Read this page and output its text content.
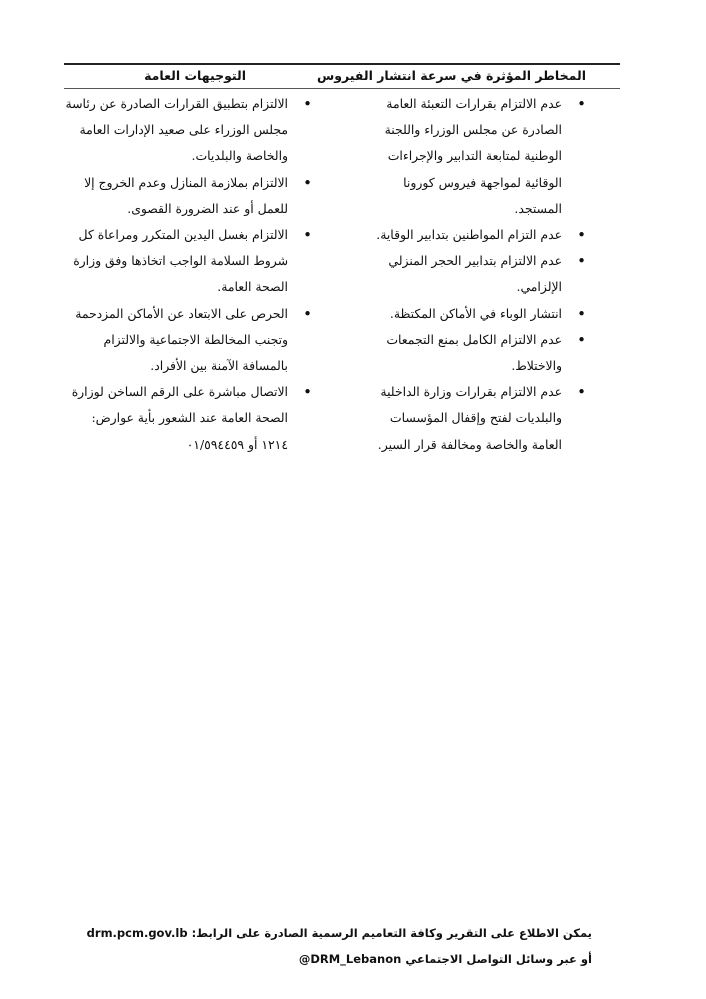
المخاطر المؤثرة في سرعة انتشار الفيروس
التوجيهات العامة
• عدم الالتزام بقرارات التعبئة العامة الصادرة عن مجلس الوزراء واللجنة الوطنية لمتابعة التدابير والإجراءات الوقائية لمواجهة فيروس كورونا المستجد.
• عدم التزام المواطنين بتدابير الوقاية.
• عدم الالتزام بتدابير الحجر المنزلي الإلزامي.
• انتشار الوباء في الأماكن المكتظة.
• عدم الالتزام الكامل بمنع التجمعات والاختلاط.
• عدم الالتزام بقرارات وزارة الداخلية والبلديات لفتح وإقفال المؤسسات العامة والخاصة ومخالفة قرار السير.
• الالتزام بتطبيق القرارات الصادرة عن رئاسة مجلس الوزراء على صعيد الإدارات العامة والخاصة والبلديات.
• الالتزام بملازمة المنازل وعدم الخروج إلا للعمل أو عند الضرورة القصوى.
• الالتزام بغسل اليدين المتكرر ومراعاة كل شروط السلامة الواجب اتخاذها وفق وزارة الصحة العامة.
• الحرص على الابتعاد عن الأماكن المزدحمة وتجنب المخالطة الاجتماعية والالتزام بالمسافة الآمنة بين الأفراد.
• الاتصال مباشرة على الرقم الساخن لوزارة الصحة العامة عند الشعور بأية عوارض: ١٢١٤ أو ٠١/٥٩٤٤٥٩
يمكن الاطلاع على التقرير وكافة التعاميم الرسمية الصادرة على الرابط: drm.pcm.gov.lb
أو عبر وسائل التواصل الاجتماعي @DRM_Lebanon
